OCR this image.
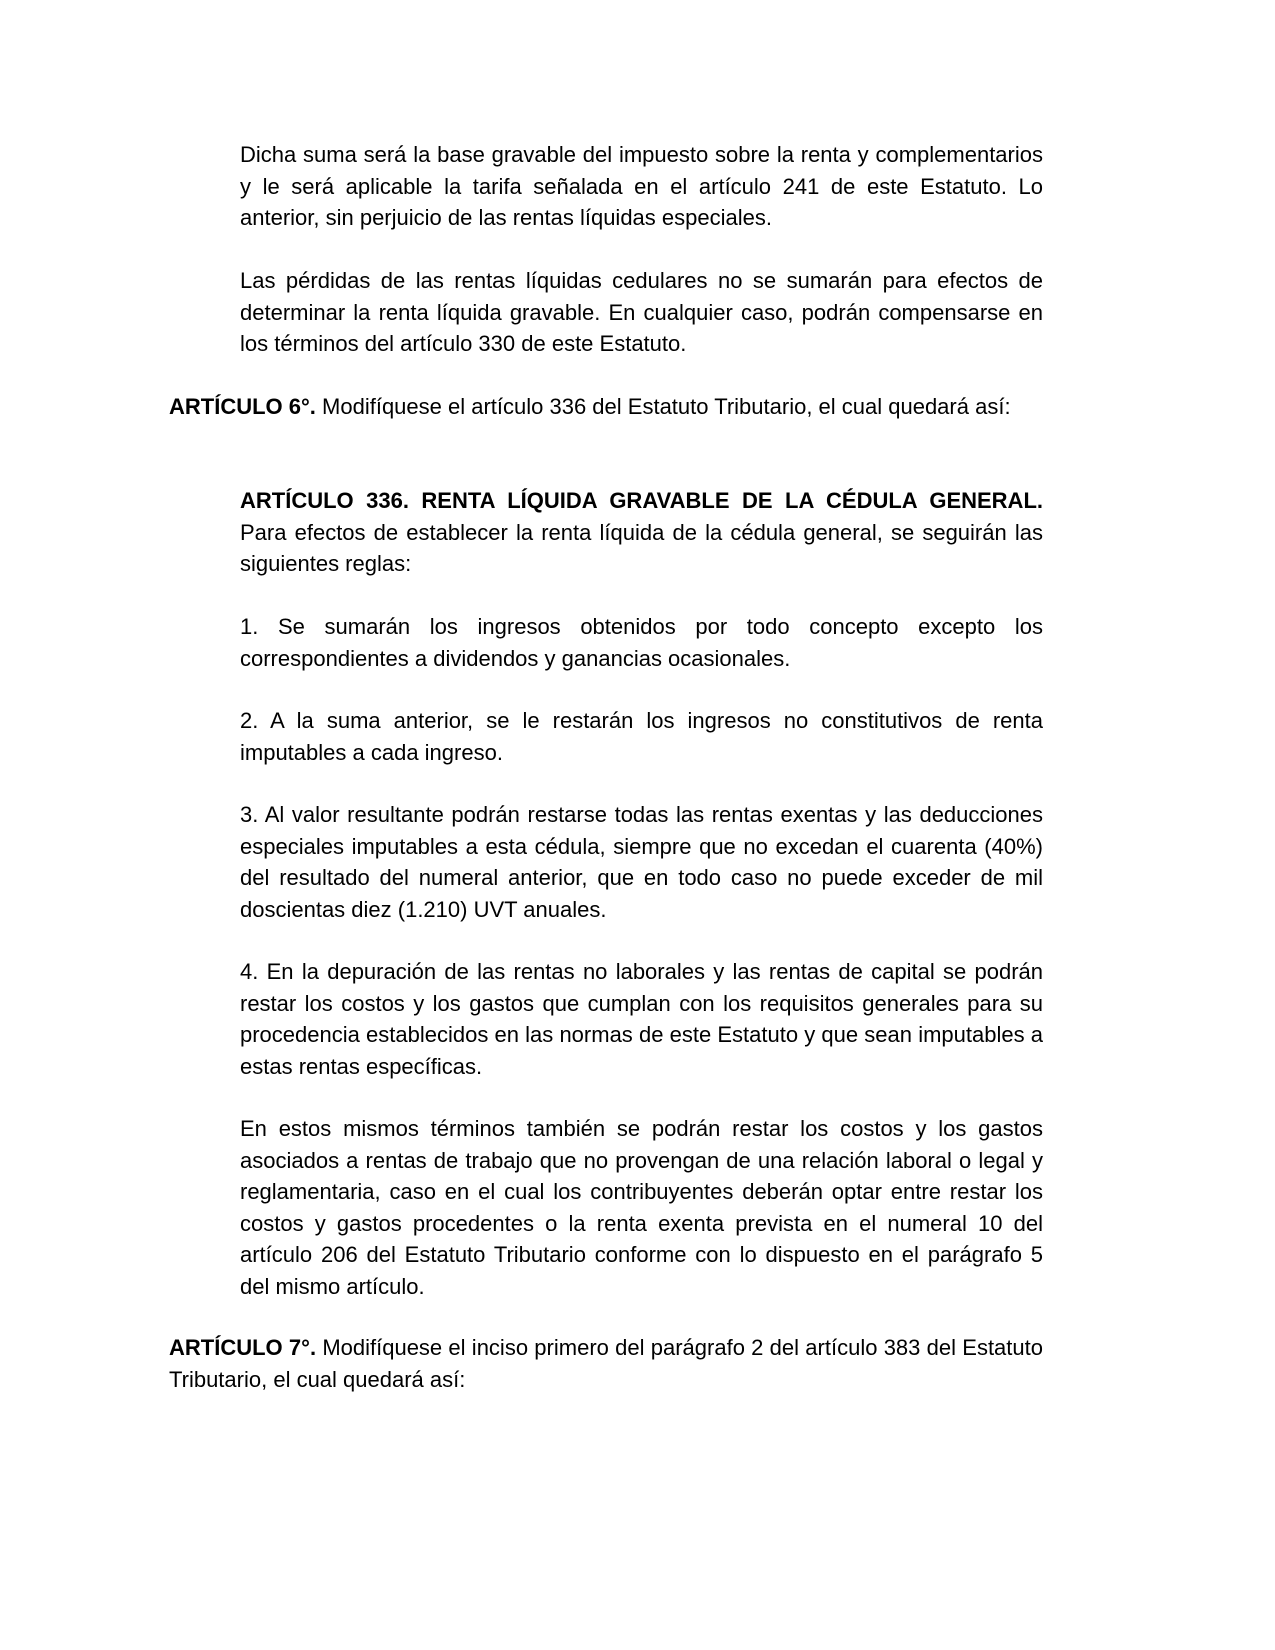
Dicha suma será la base gravable del impuesto sobre la renta y complementarios y le será aplicable la tarifa señalada en el artículo 241 de este Estatuto. Lo anterior, sin perjuicio de las rentas líquidas especiales.

Las pérdidas de las rentas líquidas cedulares no se sumarán para efectos de determinar la renta líquida gravable. En cualquier caso, podrán compensarse en los términos del artículo 330 de este Estatuto.

ARTÍCULO 6°. Modifíquese el artículo 336 del Estatuto Tributario, el cual quedará así:

ARTÍCULO 336. RENTA LÍQUIDA GRAVABLE DE LA CÉDULA GENERAL. Para efectos de establecer la renta líquida de la cédula general, se seguirán las siguientes reglas:

1. Se sumarán los ingresos obtenidos por todo concepto excepto los correspondientes a dividendos y ganancias ocasionales.

2. A la suma anterior, se le restarán los ingresos no constitutivos de renta imputables a cada ingreso.

3. Al valor resultante podrán restarse todas las rentas exentas y las deducciones especiales imputables a esta cédula, siempre que no excedan el cuarenta (40%) del resultado del numeral anterior, que en todo caso no puede exceder de mil doscientas diez (1.210) UVT anuales.

4. En la depuración de las rentas no laborales y las rentas de capital se podrán restar los costos y los gastos que cumplan con los requisitos generales para su procedencia establecidos en las normas de este Estatuto y que sean imputables a estas rentas específicas.

En estos mismos términos también se podrán restar los costos y los gastos asociados a rentas de trabajo que no provengan de una relación laboral o legal y reglamentaria, caso en el cual los contribuyentes deberán optar entre restar los costos y gastos procedentes o la renta exenta prevista en el numeral 10 del artículo 206 del Estatuto Tributario conforme con lo dispuesto en el parágrafo 5 del mismo artículo.

ARTÍCULO 7°. Modifíquese el inciso primero del parágrafo 2 del artículo 383 del Estatuto Tributario, el cual quedará así:
